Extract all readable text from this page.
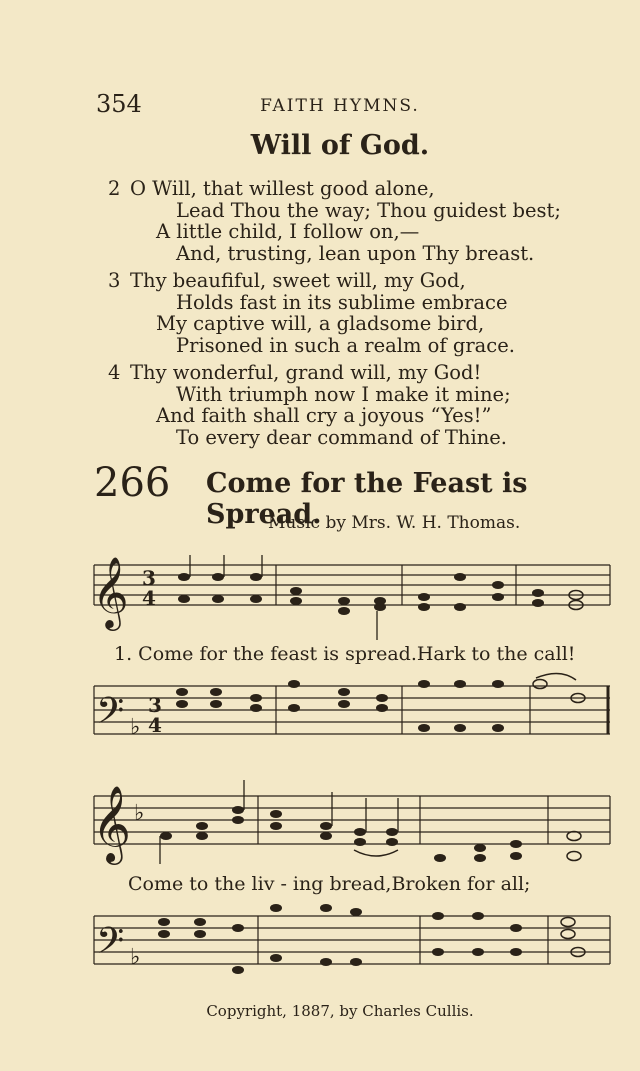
354	FAITH HYMNS.
Will of God.
2 O Will, that willest good alone,
Lead Thou the way; Thou guidest best;
A little child, I follow on,—
And, trusting, lean upon Thy breast.
3 Thy beaufiful, sweet will, my God,
Holds fast in its sublime embrace
My captive will, a gladsome bird,
Prisoned in such a realm of grace.
4 Thy wonderful, grand will, my God!
With triumph now I make it mine;
And faith shall cry a joyous “Yes!”
To every dear command of Thine.
266 Come for the Feast is Spread.
Music by Mrs. W. H. Thomas.
𝄞 3
4
1. Come for the feast is spread.Hark to the call!
𝄢 3
4
♭
𝄞 ♭
Come to the liv - ing bread,Broken for all;
𝄢 ♭
Copyright, 1887, by Charles Cullis.
